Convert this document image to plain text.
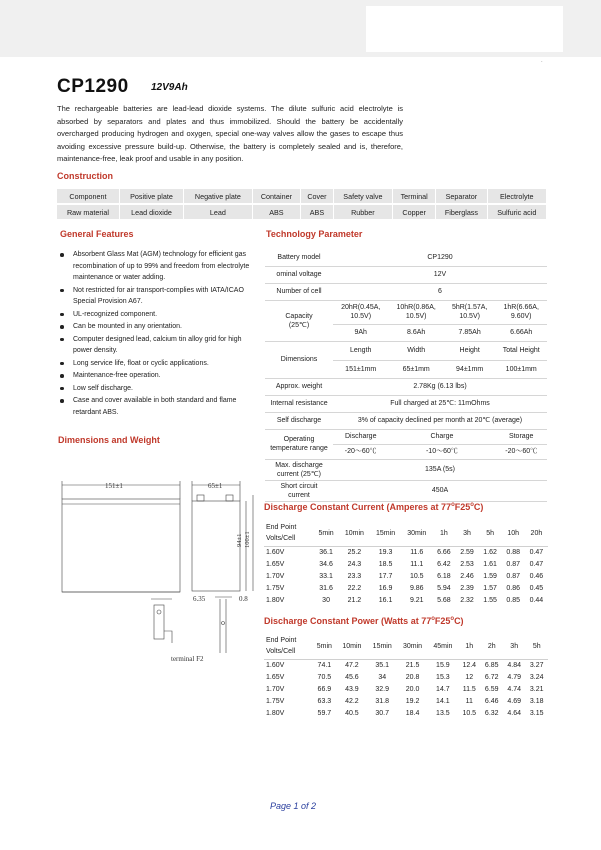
.
CP1290 12V9Ah
The rechargeable batteries are lead-lead dioxide systems. The dilute sulfuric acid electrolyte is absorbed by separators and plates and thus immobilized. Should the battery be accidentally overcharged producing hydrogen and oxygen, special one-way valves allow the gases to escape thus avoiding excessive pressure build-up. Otherwise, the battery is completely sealed and is, therefore, maintenance-free, leak proof and usable in any position.
Construction
Component	Positive plate	Negative plate	Container	Cover	Safety valve	Terminal	Separator	Electrolyte
Raw material	Lead dioxide	Lead	ABS	ABS	Rubber	Copper	Fiberglass	Sulfuric acid
General Features
Absorbent Glass Mat (AGM) technology for efficient gas recombination of up to 99% and freedom from electrolyte maintenance or water adding.
Not restricted for air transport-complies with IATA/ICAO Special Provision A67.
UL-recognized component.
Can be mounted in any orientation.
Computer designed lead, calcium tin alloy grid for high power density.
Long service life, float or cyclic applications.
Maintenance-free operation.
Low self discharge.
Case and cover available in both standard and flame retardant ABS.
Dimensions and Weight
151±1	65±1
94±1 100±1
6.35	0.8
terminal F2
Technology Parameter
Battery model	CP1290			
ominal voltage	12V			
Number of cell	6			
Capacity
(25℃)	20hR(0.45A, 10.5V)	10hR(0.86A, 10.5V)	5hR(1.57A, 10.5V)	1hR(6.66A, 9.60V)
	9Ah	8.6Ah	7.85Ah	6.66Ah
Dimensions	Length	Width	Height	Total Height
	151±1mm	65±1mm	94±1mm	100±1mm
Approx. weight	2.78Kg (6.13 lbs)			
Internal resistance	Full charged at 25℃: 11mOhms			
Self discharge	3% of capacity declined per month at 20℃ (average)			
Operating
temperature range	Discharge	Charge		Storage
	-20～60℃	-10～60℃		-20～60℃
Max. discharge
current (25℃)	135A (5s)			
Short circuit
current	450A			
Discharge Constant Current (Amperes at 77$^o$F25$^o$C)
End Point
Volts/Cell	5min	10min	15min	30min	1h	3h	5h	10h	20h
1.60V	36.1	25.2	19.3	11.6	6.66	2.59	1.62	0.88	0.47
1.65V	34.6	24.3	18.5	11.1	6.42	2.53	1.61	0.87	0.47
1.70V	33.1	23.3	17.7	10.5	6.18	2.46	1.59	0.87	0.46
1.75V	31.6	22.2	16.9	9.86	5.94	2.39	1.57	0.86	0.45
1.80V	30	21.2	16.1	9.21	5.68	2.32	1.55	0.85	0.44
Discharge Constant Power (Watts at 77$^o$F25$^o$C)
End Point
Volts/Cell	5min	10min	15min	30min	45min	1h	2h	3h	5h
1.60V	74.1	47.2	35.1	21.5	15.9	12.4	6.85	4.84	3.27
1.65V	70.5	45.6	34	20.8	15.3	12	6.72	4.79	3.24
1.70V	66.9	43.9	32.9	20.0	14.7	11.5	6.59	4.74	3.21
1.75V	63.3	42.2	31.8	19.2	14.1	11	6.46	4.69	3.18
1.80V	59.7	40.5	30.7	18.4	13.5	10.5	6.32	4.64	3.15
Page 1 of 2
